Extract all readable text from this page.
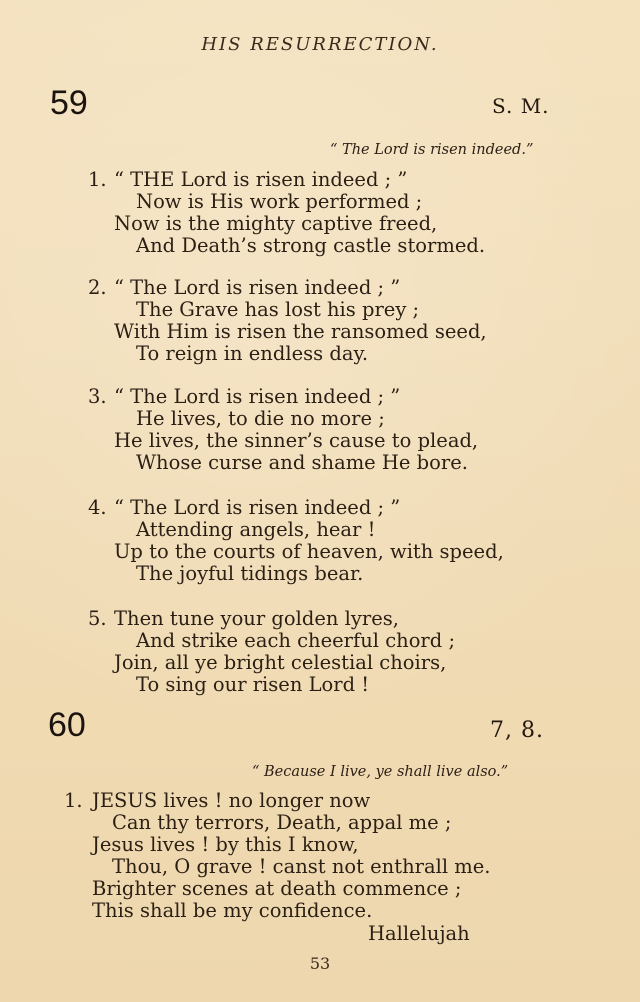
HIS RESURRECTION.
59	S. M.
“ The Lord is risen indeed.”
1. “ THE Lord is risen indeed ; ”
Now is His work performed ;
Now is the mighty captive freed,
And Death’s strong castle stormed.
2. “ The Lord is risen indeed ; ”
The Grave has lost his prey ;
With Him is risen the ransomed seed,
To reign in endless day.
3. “ The Lord is risen indeed ; ”
He lives, to die no more ;
He lives, the sinner’s cause to plead,
Whose curse and shame He bore.
4. “ The Lord is risen indeed ; ”
Attending angels, hear !
Up to the courts of heaven, with speed,
The joyful tidings bear.
5. Then tune your golden lyres,
And strike each cheerful chord ;
Join, all ye bright celestial choirs,
To sing our risen Lord !
60	7, 8.
“ Because I live, ye shall live also.”
1. JESUS lives ! no longer now
Can thy terrors, Death, appal me ;
Jesus lives ! by this I know,
Thou, O grave ! canst not enthrall me.
Brighter scenes at death commence ;
This shall be my confidence.
Hallelujah
53
